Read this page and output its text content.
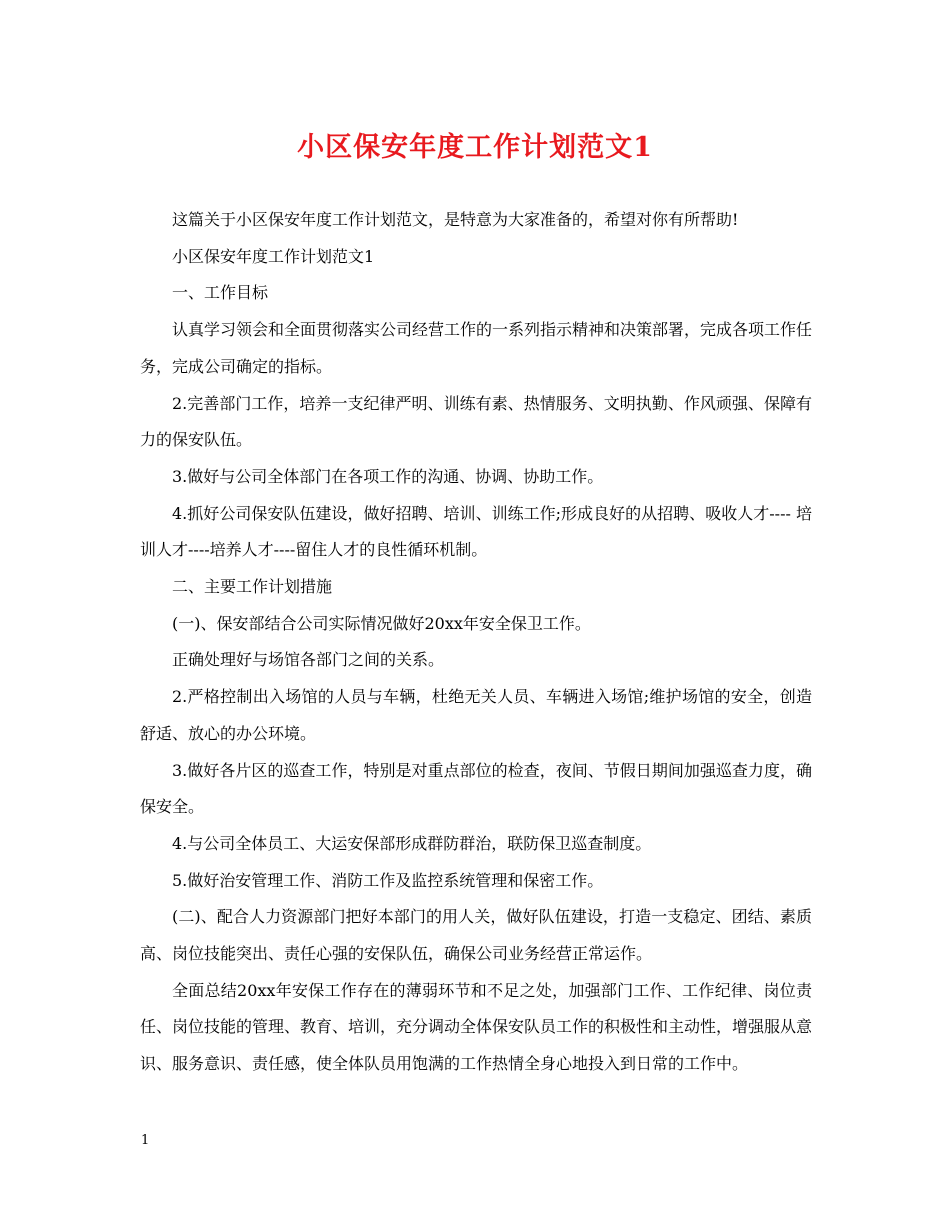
小区保安年度工作计划范文1

这篇关于小区保安年度工作计划范文，是特意为大家准备的，希望对你有所帮助!

小区保安年度工作计划范文1

一、工作目标

认真学习领会和全面贯彻落实公司经营工作的一系列指示精神和决策部署，完成各项工作任务，完成公司确定的指标。

2.完善部门工作，培养一支纪律严明、训练有素、热情服务、文明执勤、作风顽强、保障有力的保安队伍。

3.做好与公司全体部门在各项工作的沟通、协调、协助工作。

4.抓好公司保安队伍建设，做好招聘、培训、训练工作;形成良好的从招聘、吸收人才---- 培训人才----培养人才----留住人才的良性循环机制。

二、主要工作计划措施

(一)、保安部结合公司实际情况做好20xx年安全保卫工作。

正确处理好与场馆各部门之间的关系。

2.严格控制出入场馆的人员与车辆，杜绝无关人员、车辆进入场馆;维护场馆的安全，创造舒适、放心的办公环境。

3.做好各片区的巡查工作，特别是对重点部位的检查，夜间、节假日期间加强巡查力度，确保安全。

4.与公司全体员工、大运安保部形成群防群治，联防保卫巡查制度。

5.做好治安管理工作、消防工作及监控系统管理和保密工作。

(二)、配合人力资源部门把好本部门的用人关，做好队伍建设，打造一支稳定、团结、素质高、岗位技能突出、责任心强的安保队伍，确保公司业务经营正常运作。

全面总结20xx年安保工作存在的薄弱环节和不足之处，加强部门工作、工作纪律、岗位责任、岗位技能的管理、教育、培训，充分调动全体保安队员工作的积极性和主动性，增强服从意识、服务意识、责任感，使全体队员用饱满的工作热情全身心地投入到日常的工作中。

1
